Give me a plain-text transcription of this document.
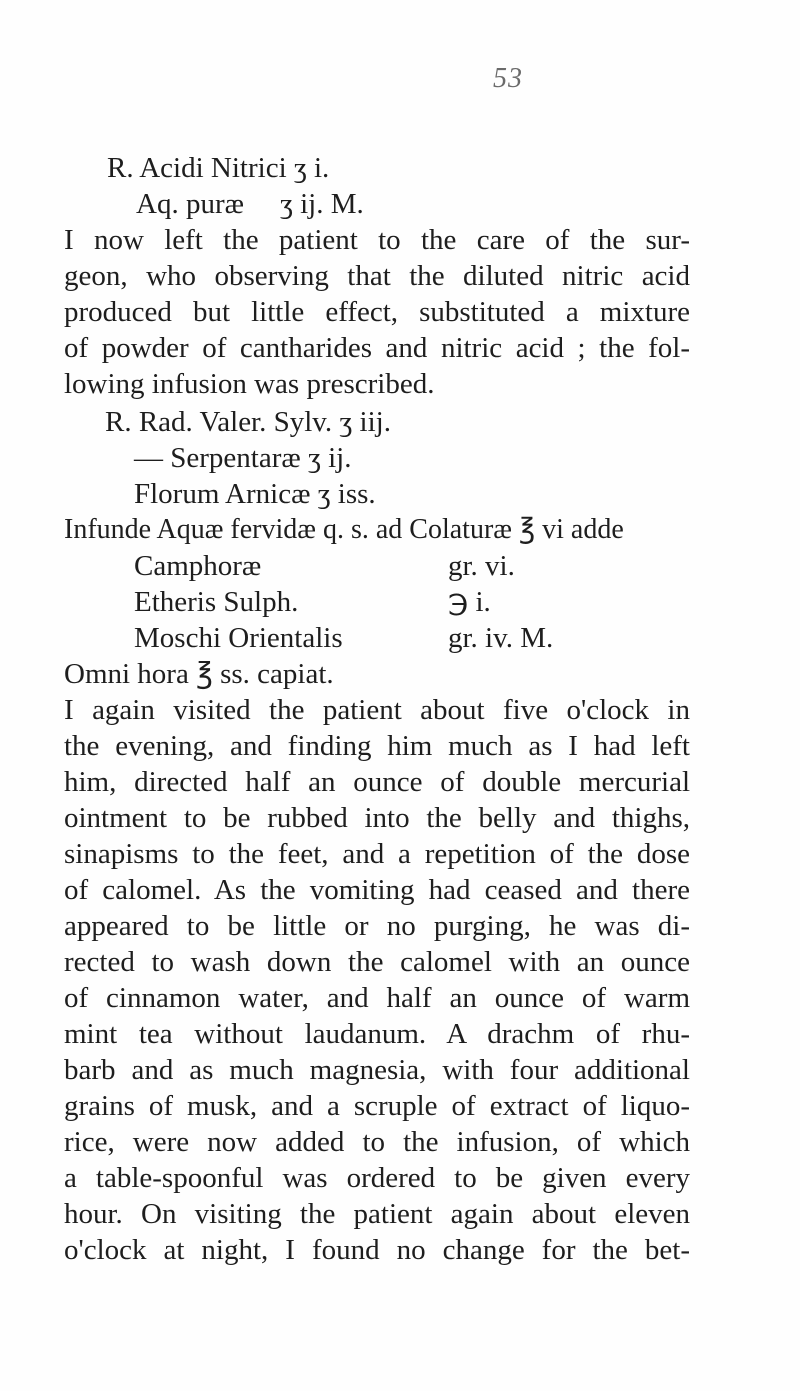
53
R. Acidi Nitrici ʒ i.
Aq. puræ ʒ ij. M.
I now left the patient to the care of the sur-
geon, who observing that the diluted nitric acid
produced but little effect, substituted a mixture
of powder of cantharides and nitric acid ; the fol-
lowing infusion was prescribed.
R. Rad. Valer. Sylv. ʒ iij.
— Serpentaræ ʒ ij.
Florum Arnicæ ʒ iss.
Infunde Aquæ fervidæ q. s. ad Colaturæ ℥ vi adde
Camphoræ	gr. vi.
Etheris Sulph.	℈ i.
Moschi Orientalis	gr. iv. M.
Omni hora ℥ ss. capiat.
I again visited the patient about five o'clock in
the evening, and finding him much as I had left
him, directed half an ounce of double mercurial
ointment to be rubbed into the belly and thighs,
sinapisms to the feet, and a repetition of the dose
of calomel. As the vomiting had ceased and there
appeared to be little or no purging, he was di-
rected to wash down the calomel with an ounce
of cinnamon water, and half an ounce of warm
mint tea without laudanum. A drachm of rhu-
barb and as much magnesia, with four additional
grains of musk, and a scruple of extract of liquo-
rice, were now added to the infusion, of which
a table-spoonful was ordered to be given every
hour. On visiting the patient again about eleven
o'clock at night, I found no change for the bet-
